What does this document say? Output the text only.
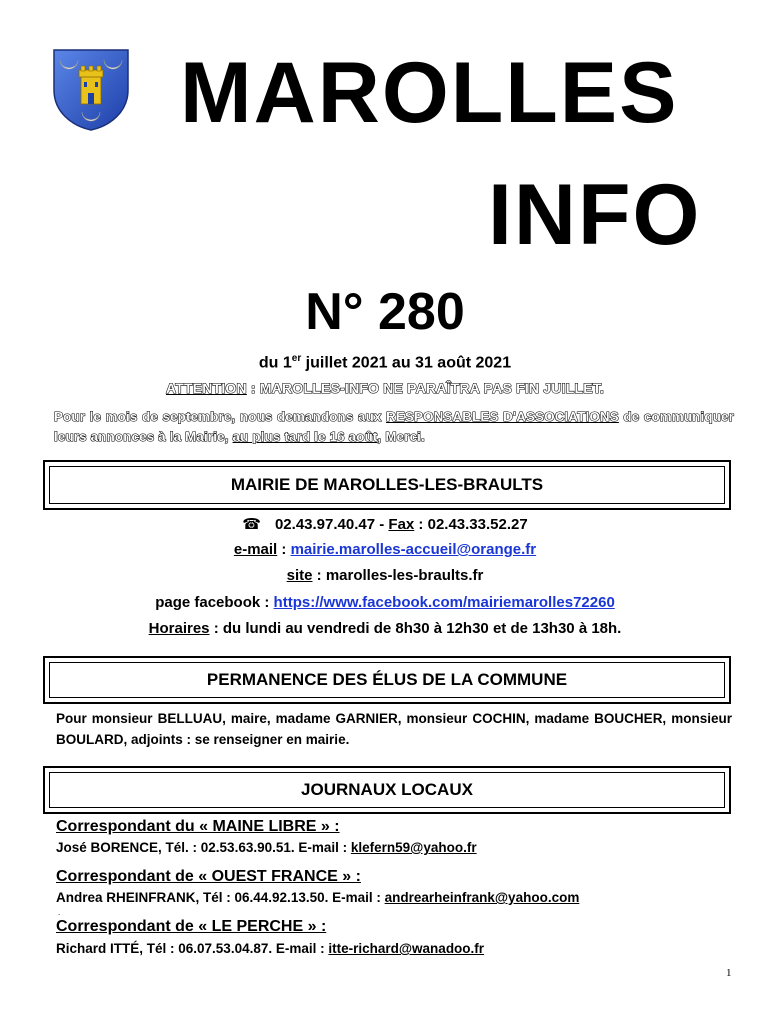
MAROLLES
INFO
N° 280
du 1er juillet 2021 au 31 août 2021
ATTENTION : MAROLLES-INFO NE PARAÎTRA PAS FIN JUILLET.
Pour le mois de septembre, nous demandons aux RESPONSABLES D'ASSOCIATIONS de communiquer leurs annonces à la Mairie, au plus tard le 16 août, Merci.
MAIRIE DE MAROLLES-LES-BRAULTS
☎ 02.43.97.40.47 - Fax : 02.43.33.52.27
e-mail : mairie.marolles-accueil@orange.fr
site : marolles-les-braults.fr
page facebook : https://www.facebook.com/mairiemarolles72260
Horaires : du lundi au vendredi de 8h30 à 12h30 et de 13h30 à 18h.
PERMANENCE DES ÉLUS DE LA COMMUNE
Pour monsieur BELLUAU, maire, madame GARNIER, monsieur COCHIN, madame BOUCHER, monsieur BOULARD, adjoints : se renseigner en mairie.
JOURNAUX LOCAUX
Correspondant du « MAINE LIBRE » :
José BORENCE, Tél. : 02.53.63.90.51. E-mail : klefern59@yahoo.fr
Correspondant de « OUEST FRANCE » :
Andrea RHEINFRANK, Tél : 06.44.92.13.50. E-mail : andrearheinfrank@yahoo.com
.
Correspondant de « LE PERCHE » :
Richard ITTÉ, Tél : 06.07.53.04.87. E-mail : itte-richard@wanadoo.fr
1
